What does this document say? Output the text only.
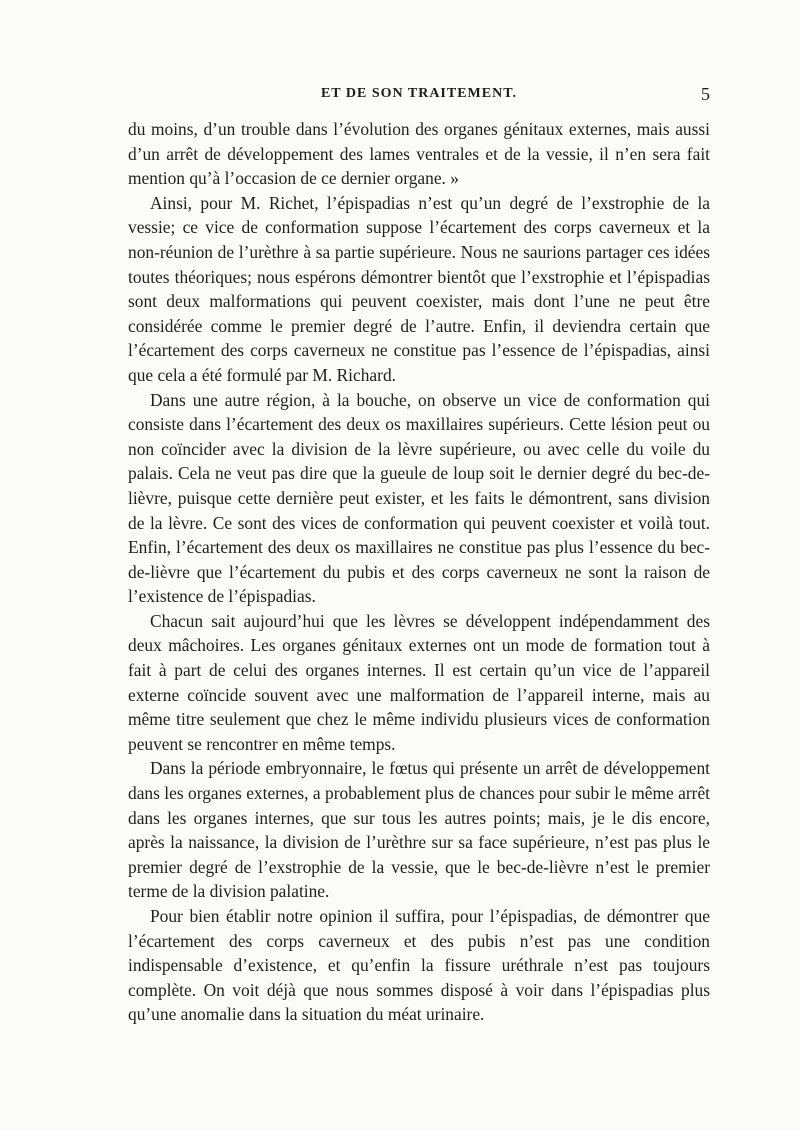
ET DE SON TRAITEMENT.	5

du moins, d’un trouble dans l’évolution des organes génitaux externes, mais aussi d’un arrêt de développement des lames ventrales et de la vessie, il n’en sera fait mention qu’à l’occasion de ce dernier organe. »

Ainsi, pour M. Richet, l’épispadias n’est qu’un degré de l’exstrophie de la vessie; ce vice de conformation suppose l’écartement des corps caverneux et la non-réunion de l’urèthre à sa partie supérieure. Nous ne saurions partager ces idées toutes théoriques; nous espérons démontrer bientôt que l’exstrophie et l’épispadias sont deux malformations qui peuvent coexister, mais dont l’une ne peut être considérée comme le premier degré de l’autre. Enfin, il deviendra certain que l’écartement des corps caverneux ne constitue pas l’essence de l’épispadias, ainsi que cela a été formulé par M. Richard.

Dans une autre région, à la bouche, on observe un vice de conformation qui consiste dans l’écartement des deux os maxillaires supérieurs. Cette lésion peut ou non coïncider avec la division de la lèvre supérieure, ou avec celle du voile du palais. Cela ne veut pas dire que la gueule de loup soit le dernier degré du bec-de-lièvre, puisque cette dernière peut exister, et les faits le démontrent, sans division de la lèvre. Ce sont des vices de conformation qui peuvent coexister et voilà tout. Enfin, l’écartement des deux os maxillaires ne constitue pas plus l’essence du bec-de-lièvre que l’écartement du pubis et des corps caverneux ne sont la raison de l’existence de l’épispadias.

Chacun sait aujourd’hui que les lèvres se développent indépendamment des deux mâchoires. Les organes génitaux externes ont un mode de formation tout à fait à part de celui des organes internes. Il est certain qu’un vice de l’appareil externe coïncide souvent avec une malformation de l’appareil interne, mais au même titre seulement que chez le même individu plusieurs vices de conformation peuvent se rencontrer en même temps.

Dans la période embryonnaire, le fœtus qui présente un arrêt de développement dans les organes externes, a probablement plus de chances pour subir le même arrêt dans les organes internes, que sur tous les autres points; mais, je le dis encore, après la naissance, la division de l’urèthre sur sa face supérieure, n’est pas plus le premier degré de l’exstrophie de la vessie, que le bec-de-lièvre n’est le premier terme de la division palatine.

Pour bien établir notre opinion il suffira, pour l’épispadias, de démontrer que l’écartement des corps caverneux et des pubis n’est pas une condition indispensable d’existence, et qu’enfin la fissure uréthrale n’est pas toujours complète. On voit déjà que nous sommes disposé à voir dans l’épispadias plus qu’une anomalie dans la situation du méat urinaire.
